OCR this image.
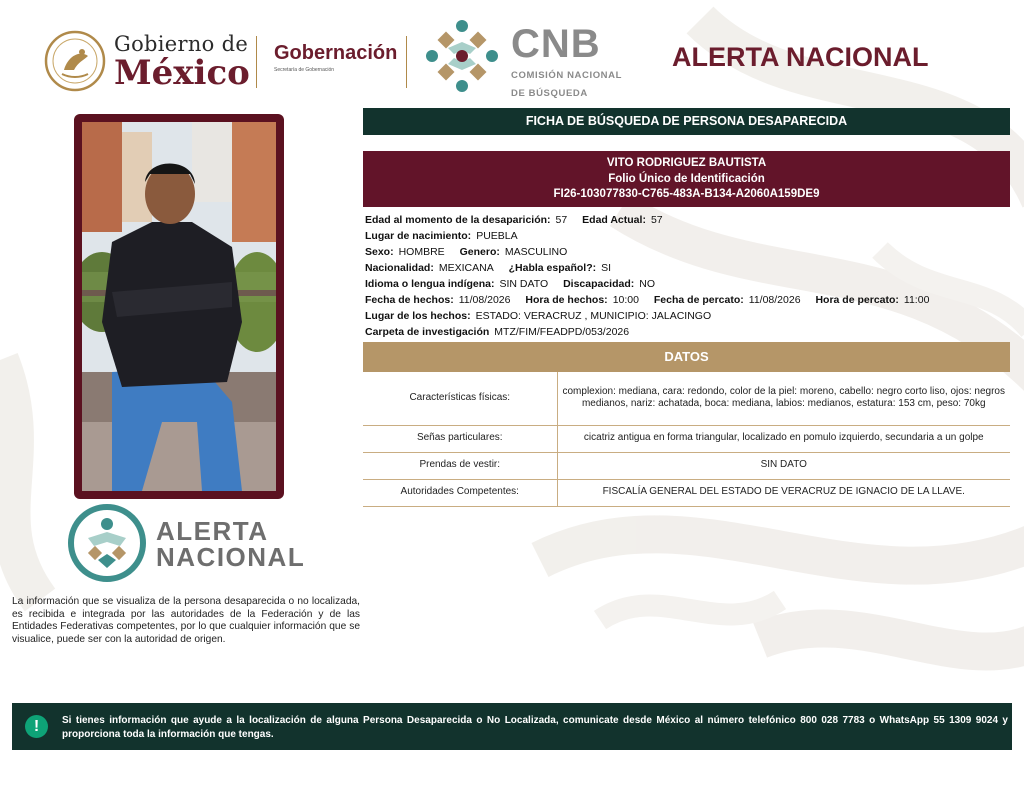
Gobierno de
México Gobernación
Secretaría de Gobernación
CNB
COMISIÓN NACIONAL
DE BÚSQUEDA
ALERTA NACIONAL
ALERTA
NACIONAL
La información que se visualiza de la persona desaparecida o no localizada, es recibida e integrada por las autoridades de la Federación y de las Entidades Federativas competentes, por lo que cualquier información que se visualice, puede ser con la autoridad de origen.
FICHA DE BÚSQUEDA DE PERSONA DESAPARECIDA
VITO RODRIGUEZ BAUTISTA
Folio Único de Identificación
FI26-103077830-C765-483A-B134-A2060A159DE9
Edad al momento de la desaparición: 57 Edad Actual: 57
Lugar de nacimiento: PUEBLA
Sexo: HOMBRE Genero: MASCULINO
Nacionalidad: MEXICANA ¿Habla español?: SI
Idioma o lengua indígena: SIN DATO Discapacidad: NO
Fecha de hechos: 11/08/2026 Hora de hechos: 10:00 Fecha de percato: 11/08/2026 Hora de percato: 11:00
Lugar de los hechos: ESTADO: VERACRUZ , MUNICIPIO: JALACINGO
Carpeta de investigación MTZ/FIM/FEADPD/053/2026
DATOS
Características físicas:	complexion: mediana, cara: redondo, color de la piel: moreno, cabello: negro corto liso, ojos: negros medianos, nariz: achatada, boca: mediana, labios: medianos, estatura: 153 cm, peso: 70kg
Señas particulares:	cicatriz antigua en forma triangular, localizado en pomulo izquierdo, secundaria a un golpe
Prendas de vestir:	SIN DATO
Autoridades Competentes:	FISCALÍA GENERAL DEL ESTADO DE VERACRUZ DE IGNACIO DE LA LLAVE.
!	Si tienes información que ayude a la localización de alguna Persona Desaparecida o No Localizada, comunicate desde México al número telefónico 800 028 7783 o WhatsApp 55 1309 9024 y proporciona toda la información que tengas.
